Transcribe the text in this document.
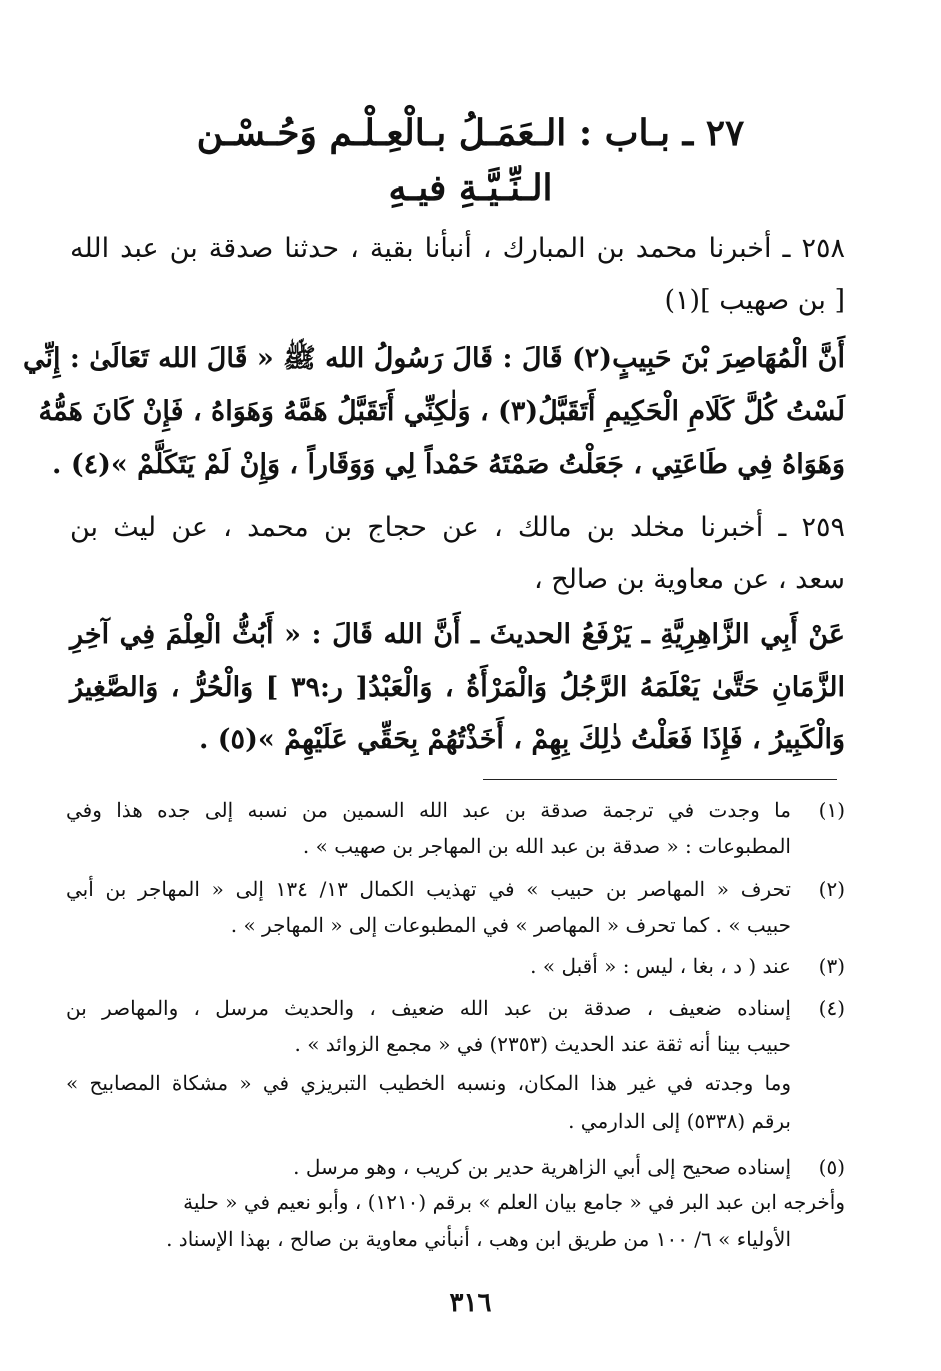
٢٧ ـ بـاب : الـعَمَـلُ بـالْعِـلْـم وَحُـسْـن
الـنِّـيَّـةِ فيـهِ
٢٥٨ ـ أخبرنا محمد بن المبارك ، أنبأنا بقية ، حدثنا صدقة بن عبد الله
[ بن صهيب ](١)
أَنَّ الْمُهَاصِرَ بْنَ حَبِيبٍ(٢) قَالَ : قَالَ رَسُولُ الله ﷺ « قَالَ الله تَعَالَىٰ : إِنِّي
لَسْتُ كُلَّ كَلَامِ الْحَكِيمِ أَتَقَبَّلُ(٣) ، وَلٰكِنِّي أَتَقَبَّلُ هَمَّهُ وَهَوَاهُ ، فَإِنْ كَانَ هَمُّهُ
وَهَوَاهُ فِي طَاعَتِي ، جَعَلْتُ صَمْتَهُ حَمْداً لِي وَوَقَاراً ، وَإِنْ لَمْ يَتَكَلَّمْ »(٤) .
٢٥٩ ـ أخبرنا مخلد بن مالك ، عن حجاج بن محمد ، عن ليث بن
سعد ، عن معاوية بن صالح ،
عَنْ أَبِي الزَّاهِرِيَّةِ ـ يَرْفَعُ الحديثَ ـ أَنَّ الله قَالَ : « أَبُثُّ الْعِلْمَ فِي آخِرِ
الزَّمَانِ حَتَّىٰ يَعْلَمَهُ الرَّجُلُ وَالْمَرْأَةُ ، وَالْعَبْدُ[ ر:٣٩ ] وَالْحُرُّ ، وَالصَّغِيرُ
وَالْكَبِيرُ ، فَإِذَا فَعَلْتُ ذٰلِكَ بِهِمْ ، أَخَذْتُهُمْ بِحَقِّي عَلَيْهِمْ »(٥) .
(١)
ما وجدت في ترجمة صدقة بن عبد الله السمين من نسبه إلى جده هذا وفي
المطبوعات : « صدقة بن عبد الله بن المهاجر بن صهيب » .
(٢)
تحرف « المهاصر بن حبيب » في تهذيب الكمال ١٣/ ١٣٤ إلى « المهاجر بن أبي
حبيب » . كما تحرف « المهاصر » في المطبوعات إلى « المهاجر » .
(٣)
عند ( د ، بغا ، ليس : « أقبل » .
(٤)
إسناده ضعيف ، صدقة بن عبد الله ضعيف ، والحديث مرسل ، والمهاصر بن
حبيب بينا أنه ثقة عند الحديث (٢٣٥٣) في « مجمع الزوائد » .
وما وجدته في غير هذا المكان، ونسبه الخطيب التبريزي في « مشكاة المصابيح »
برقم (٥٣٣٨) إلى الدارمي .
(٥)
إسناده صحيح إلى أبي الزاهرية حدير بن كريب ، وهو مرسل .
وأخرجه ابن عبد البر في « جامع بيان العلم » برقم (١٢١٠) ، وأبو نعيم في « حلية
الأولياء » ٦/ ١٠٠ من طريق ابن وهب ، أنبأني معاوية بن صالح ، بهذا الإسناد .
٣١٦
